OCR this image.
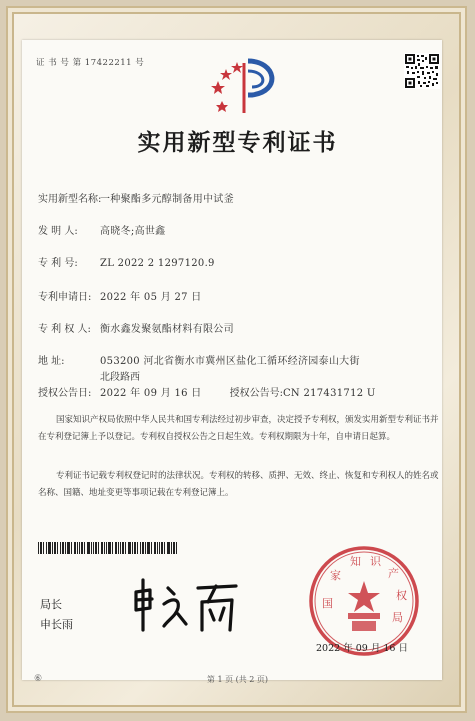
证 书 号 第 17422211 号
实用新型专利证书
实用新型名称:一种聚酯多元醇制备用中试釜
发 明 人: 高晓冬;高世鑫
专 利 号: ZL 2022 2 1297120.9
专利申请日: 2022 年 05 月 27 日
专 利 权 人: 衡水鑫发聚氨酯材料有限公司
地 址:	053200 河北省衡水市冀州区盐化工循环经济园泰山大街
北段路西
授权公告日: 2022 年 09 月 16 日	授权公告号:CN 217431712 U
国家知识产权局依照中华人民共和国专利法经过初步审查，决定授予专利权，颁发实用新型专利证书并在专利登记簿上予以登记。专利权自授权公告之日起生效。专利权期限为十年，自申请日起算。
专利证书记载专利权登记时的法律状况。专利权的转移、质押、无效、终止、恢复和专利权人的姓名或名称、国籍、地址变更等事项记载在专利登记簿上。
局长
申长雨
国
家
知 识
产
权
局
2022 年 09 月 16 日
⑥	第 1 页 (共 2 页)
